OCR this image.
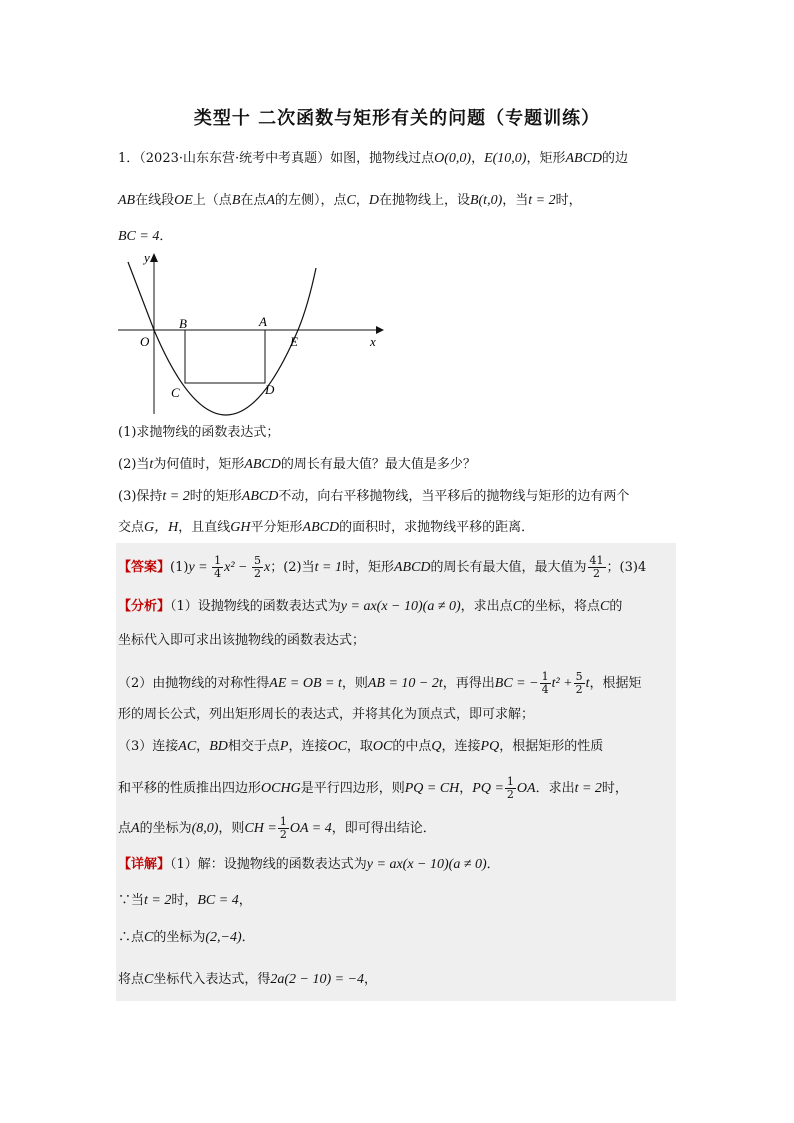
类型十 二次函数与矩形有关的问题（专题训练）
1．（2023·山东东营·统考中考真题）如图，抛物线过点O(0,0)，E(10,0)，矩形ABCD的边
AB在线段OE上（点B在点A的左侧），点C，D在抛物线上，设B(t,0)，当t = 2时，
BC = 4．
y
x
O
B	A
E
C	D
(1)求抛物线的函数表达式；
(2)当t为何值时，矩形ABCD的周长有最大值？最大值是多少？
(3)保持t = 2时的矩形ABCD不动，向右平移抛物线，当平移后的抛物线与矩形的边有两个
交点G，H，且直线GH平分矩形ABCD的面积时，求抛物线平移的距离．
【答案】$(1)y = \frac{1}{4} x^2 - \frac{5}{2}$ x；(2)当t = 1时，矩形ABCD的周长有最大值，最大值为 $\frac{41}{2}$ ；(3)4
【分析】（1）设抛物线的函数表达式为y = ax(x − 10)(a ≠ 0)，求出点C的坐标，将点C的
坐标代入即可求出该抛物线的函数表达式；
（2）由抛物线的对称性得AE = OB = t，则AB = 10 − 2t，再得出BC = − $\frac{1}{4} t^2 + \frac{5}{2}$ t，根据矩
形的周长公式，列出矩形周长的表达式，并将其化为顶点式，即可求解；
（3）连接AC，BD相交于点P，连接OC，取OC的中点Q，连接PQ，根据矩形的性质
和平移的性质推出四边形OCHG是平行四边形，则PQ = CH，PQ = $\frac{1}{2}$ OA．求出t = 2时，
点A的坐标为(8,0)，则CH = $\frac{1}{2}$ OA = 4，即可得出结论．
【详解】（1）解：设抛物线的函数表达式为y = ax(x − 10)(a ≠ 0)．
∵当t = 2时，BC = 4，
∴点C的坐标为(2,−4)．
将点C坐标代入表达式，得2a(2 − 10) = −4，
